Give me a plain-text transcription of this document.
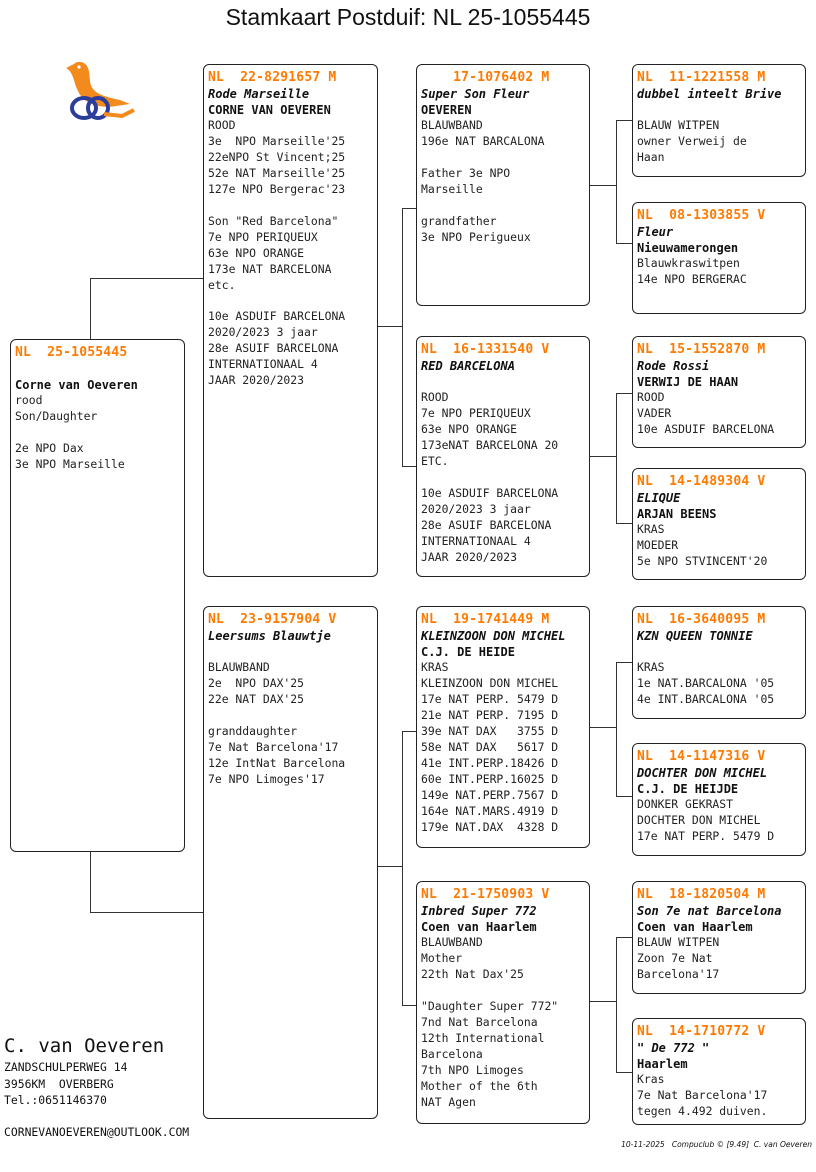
Stamkaart Postduif: NL 25-1055445
NL  25-1055445
Corne van Oeveren
rood
Son/Daughter

2e NPO Dax
3e NPO Marseille
NL  22-8291657 M
Rode Marseille
CORNE VAN OEVEREN
ROOD
3e  NPO Marseille'25
22eNPO St Vincent;25
52e NAT Marseille'25
127e NPO Bergerac'23

Son "Red Barcelona"
7e NPO PERIQUEUX
63e NPO ORANGE
173e NAT BARCELONA
etc.

10e ASDUIF BARCELONA
2020/2023 3 jaar
28e ASUIF BARCELONA
INTERNATIONAAL 4
JAAR 2020/2023
NL  23-9157904 V
Leersums Blauwtje

BLAUWBAND
2e  NPO DAX'25
22e NAT DAX'25

granddaughter
7e Nat Barcelona'17
12e IntNat Barcelona
7e NPO Limoges'17
17-1076402 M
Super Son Fleur
OEVEREN
BLAUWBAND
196e NAT BARCALONA

Father 3e NPO
Marseille

grandfather
3e NPO Perigueux
NL  16-1331540 V
RED BARCELONA

ROOD
7e NPO PERIQUEUX
63e NPO ORANGE
173eNAT BARCELONA 20
ETC.

10e ASDUIF BARCELONA
2020/2023 3 jaar
28e ASUIF BARCELONA
INTERNATIONAAL 4
JAAR 2020/2023
NL  19-1741449 M
KLEINZOON DON MICHEL
C.J. DE HEIDE
KRAS
KLEINZOON DON MICHEL
17e NAT PERP. 5479 D
21e NAT PERP. 7195 D
39e NAT DAX   3755 D
58e NAT DAX   5617 D
41e INT.PERP.18426 D
60e INT.PERP.16025 D
149e NAT.PERP.7567 D
164e NAT.MARS.4919 D
179e NAT.DAX  4328 D
NL  21-1750903 V
Inbred Super 772
Coen van Haarlem
BLAUWBAND
Mother
22th Nat Dax'25

"Daughter Super 772"
7nd Nat Barcelona
12th International
Barcelona
7th NPO Limoges
Mother of the 6th
NAT Agen
NL  11-1221558 M
dubbel inteelt Brive

BLAUW WITPEN
owner Verweij de
Haan
NL  08-1303855 V
Fleur
Nieuwamerongen
Blauwkraswitpen
14e NPO BERGERAC
NL  15-1552870 M
Rode Rossi
VERWIJ DE HAAN
ROOD
VADER
10e ASDUIF BARCELONA
NL  14-1489304 V
ELIQUE
ARJAN BEENS
KRAS
MOEDER
5e NPO STVINCENT'20
NL  16-3640095 M
KZN QUEEN TONNIE

KRAS
1e NAT.BARCALONA '05
4e INT.BARCALONA '05
NL  14-1147316 V
DOCHTER DON MICHEL
C.J. DE HEIJDE
DONKER GEKRAST
DOCHTER DON MICHEL
17e NAT PERP. 5479 D
NL  18-1820504 M
Son 7e nat Barcelona
Coen van Haarlem
BLAUW WITPEN
Zoon 7e Nat
Barcelona'17
NL  14-1710772 V
" De 772 "
Haarlem
Kras
7e Nat Barcelona'17
tegen 4.492 duiven.
C. van Oeveren
ZANDSCHULPERWEG 14
3956KM  OVERBERG
Tel.:0651146370
CORNEVANOEVEREN@OUTLOOK.COM
10-11-2025   Compuclub © [9.49]  C. van Oeveren
